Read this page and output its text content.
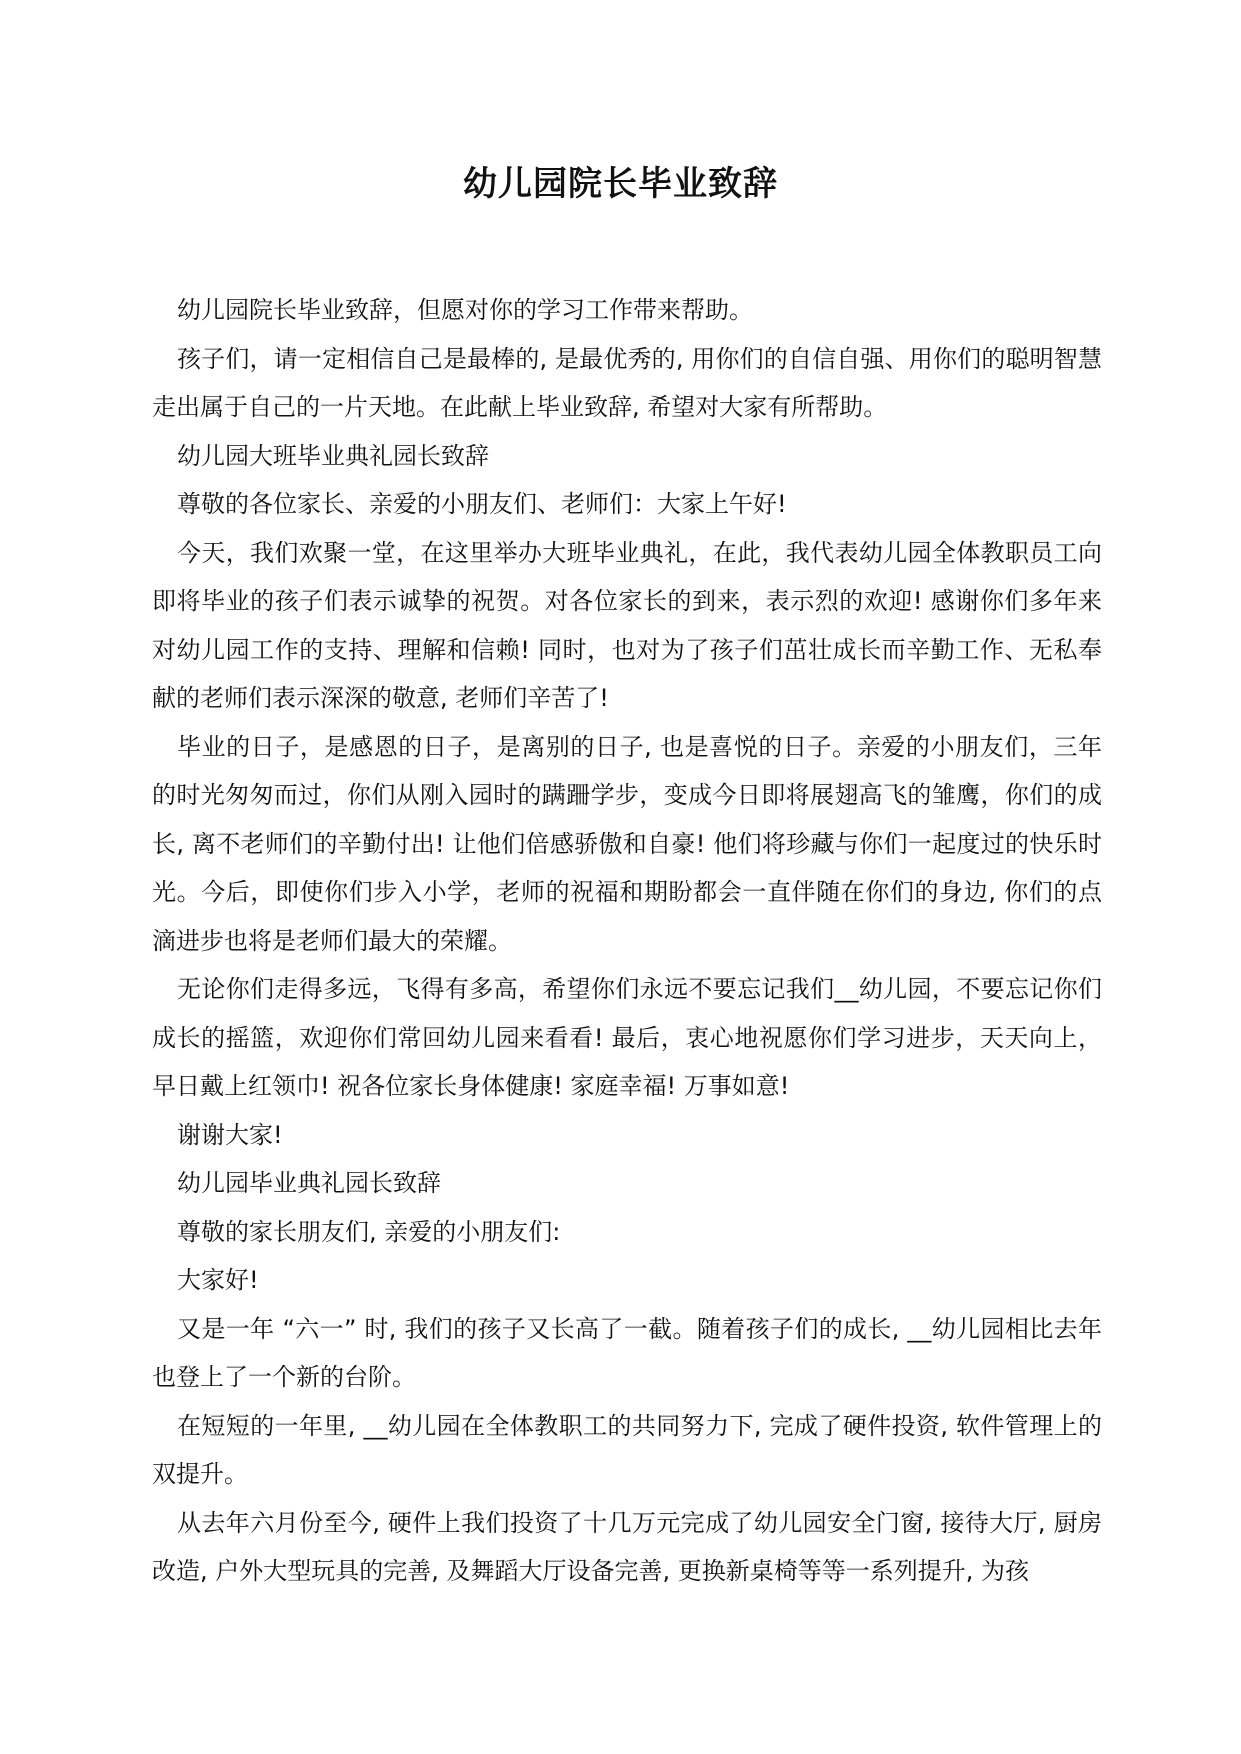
幼儿园院长毕业致辞

幼儿园院长毕业致辞，但愿对你的学习工作带来帮助。

孩子们，请一定相信自己是最棒的, 是最优秀的, 用你们的自信自强、用你们的聪明智慧走出属于自己的一片天地。在此献上毕业致辞, 希望对大家有所帮助。

幼儿园大班毕业典礼园长致辞

尊敬的各位家长、亲爱的小朋友们、老师们：大家上午好!

今天，我们欢聚一堂，在这里举办大班毕业典礼，在此，我代表幼儿园全体教职员工向即将毕业的孩子们表示诚挚的祝贺。对各位家长的到来，表示烈的欢迎! 感谢你们多年来对幼儿园工作的支持、理解和信赖! 同时，也对为了孩子们茁壮成长而辛勤工作、无私奉献的老师们表示深深的敬意, 老师们辛苦了!

毕业的日子，是感恩的日子，是离别的日子, 也是喜悦的日子。亲爱的小朋友们，三年的时光匆匆而过，你们从刚入园时的蹒跚学步，变成今日即将展翅高飞的雏鹰，你们的成长, 离不老师们的辛勤付出! 让他们倍感骄傲和自豪! 他们将珍藏与你们一起度过的快乐时光。今后，即使你们步入小学，老师的祝福和期盼都会一直伴随在你们的身边, 你们的点滴进步也将是老师们最大的荣耀。

无论你们走得多远，飞得有多高，希望你们永远不要忘记我们__幼儿园，不要忘记你们成长的摇篮，欢迎你们常回幼儿园来看看! 最后，衷心地祝愿你们学习进步，天天向上，早日戴上红领巾! 祝各位家长身体健康! 家庭幸福! 万事如意!

谢谢大家!

幼儿园毕业典礼园长致辞

尊敬的家长朋友们, 亲爱的小朋友们:

大家好!

又是一年 “六一” 时, 我们的孩子又长高了一截。随着孩子们的成长, __幼儿园相比去年也登上了一个新的台阶。

在短短的一年里, __幼儿园在全体教职工的共同努力下, 完成了硬件投资, 软件管理上的双提升。

从去年六月份至今, 硬件上我们投资了十几万元完成了幼儿园安全门窗, 接待大厅, 厨房改造, 户外大型玩具的完善, 及舞蹈大厅设备完善, 更换新桌椅等等一系列提升, 为孩
